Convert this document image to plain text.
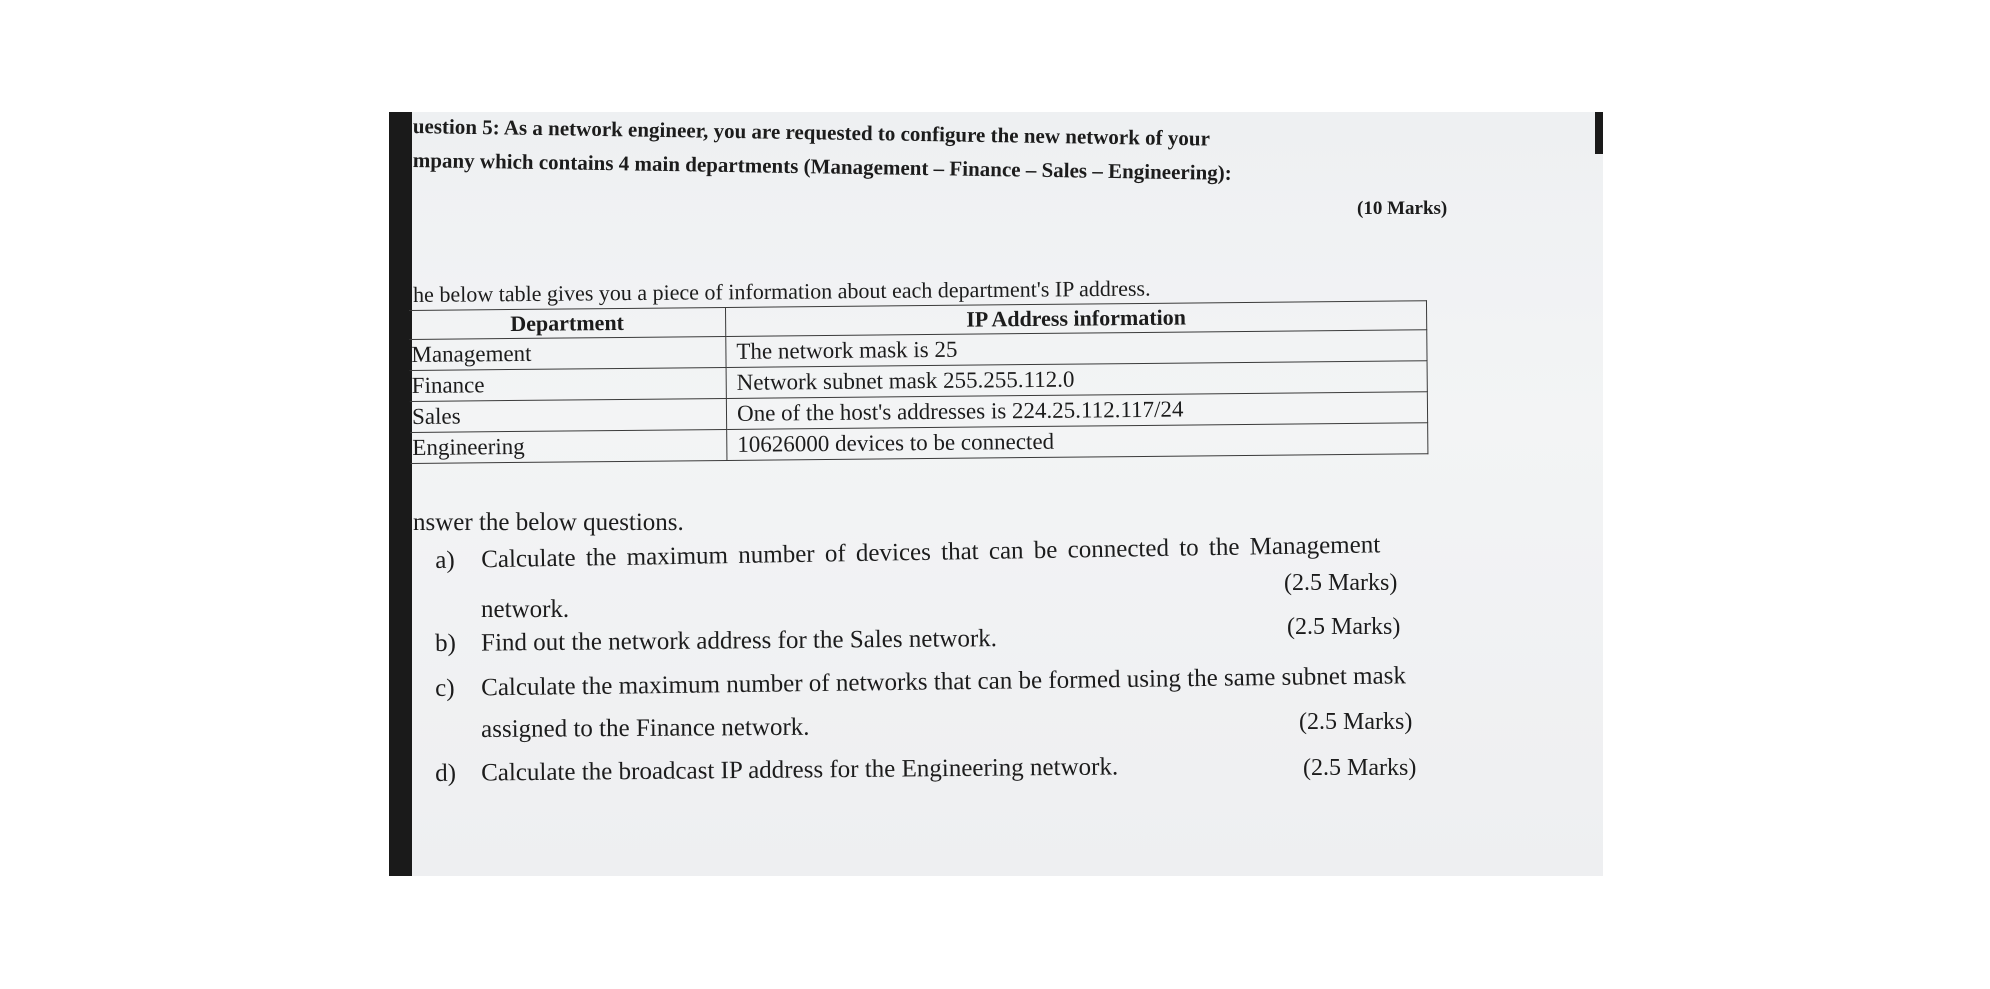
uestion 5: As a network engineer, you are requested to configure the new network of your
mpany which contains 4 main departments (Management – Finance – Sales – Engineering):
(10 Marks)
he below table gives you a piece of information about each department's IP address.
Department	IP Address information
Management	The network mask is 25
Finance	Network subnet mask 255.255.112.0
Sales	One of the host's addresses is 224.25.112.117/24
Engineering	10626000 devices to be connected
nswer the below questions.
a) Calculate the maximum number of devices that can be connected to the Management
(2.5 Marks)
network.
b) Find out the network address for the Sales network.	(2.5 Marks)
c) Calculate the maximum number of networks that can be formed using the same subnet mask
(2.5 Marks)
assigned to the Finance network.
d) Calculate the broadcast IP address for the Engineering network.	(2.5 Marks)
